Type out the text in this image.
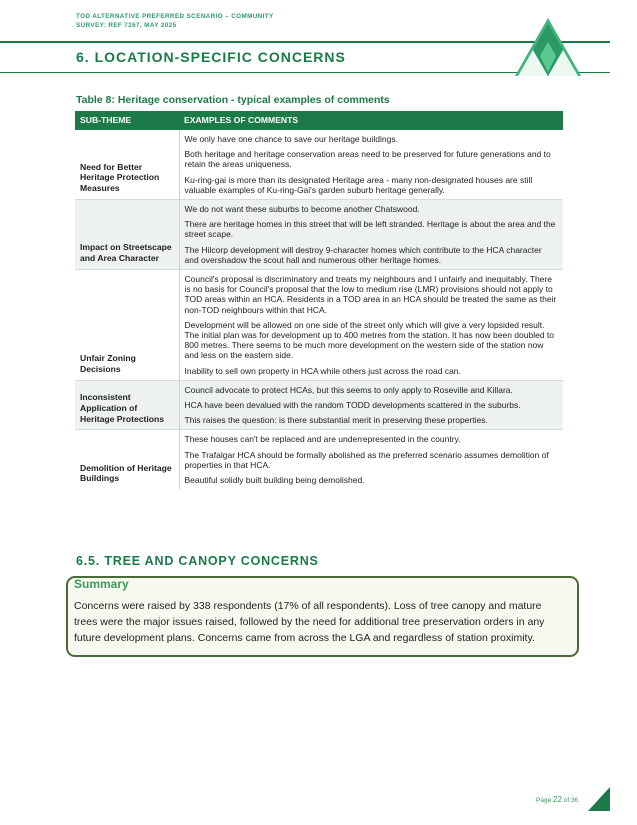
TOD ALTERNATIVE PREFERRED SCENARIO – COMMUNITY
SURVEY: REF 7267, MAY 2025
6. LOCATION-SPECIFIC CONCERNS
Table 8: Heritage conservation - typical examples of comments
SUB-THEME	EXAMPLES OF COMMENTS
Need for Better Heritage Protection Measures	We only have one chance to save our heritage buildings.

Both heritage and heritage conservation areas need to be preserved for future generations and to retain the areas uniqueness.

Ku-ring-gai is more than its designated Heritage area - many non-designated houses are still valuable examples of Ku-ring-Gai's garden suburb heritage generally.

Impact on Streetscape and Area Character	We do not want these suburbs to become another Chatswood.

There are heritage homes in this street that will be left stranded. Heritage is about the area and the street scape.

The Hilcorp development will destroy 9-character homes which contribute to the HCA character and overshadow the scout hall and numerous other heritage homes.

Unfair Zoning Decisions	Council's proposal is discriminatory and treats my neighbours and I unfairly and inequitably. There is no basis for Council's proposal that the low to medium rise (LMR) provisions should not apply to TOD areas within an HCA. Residents in a TOD area in an HCA should be treated the same as their non-TOD neighbours within that HCA.

Development will be allowed on one side of the street only which will give a very lopsided result. The initial plan was for development up to 400 metres from the station. It has now been doubled to 800 metres. There seems to be much more development on the western side of the station now and less on the eastern side.

Inability to sell own property in HCA while others just across the road can.

Inconsistent Application of Heritage Protections	Council advocate to protect HCAs, but this seems to only apply to Roseville and Killara.

HCA have been devalued with the random TODD developments scattered in the suburbs.

This raises the question: is there substantial merit in preserving these properties.

Demolition of Heritage Buildings	These houses can't be replaced and are underrepresented in the country.

The Trafalgar HCA should be formally abolished as the preferred scenario assumes demolition of properties in that HCA.

Beautiful solidly built building being demolished.

6.5. TREE AND CANOPY CONCERNS
Summary
Concerns were raised by 338 respondents (17% of all respondents). Loss of tree canopy and mature trees were the major issues raised, followed by the need for additional tree preservation orders in any future development plans. Concerns came from across the LGA and regardless of station proximity.
Page 22 of 36
